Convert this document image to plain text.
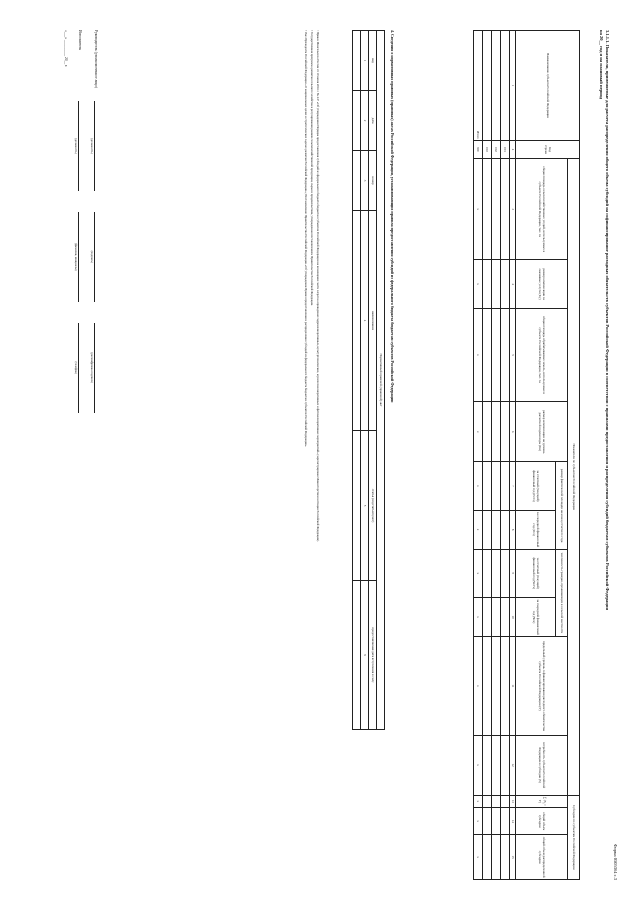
Форма 0505364 с.3
3.1.1.1. Показатели, применяемые для расчета распределения общего объема субсидий на софинансирование расходных обязательств субъектов Российской Федерации в соответствии с правилами предоставления и распределения субсидий бюджетам субъектов Российской Федерации
на 20__ год и на плановый период
Наименование субъекта Российской Федерации	Код строки	Показатели по субъектам Российской Федерации										Субсидии по субъектам Российской Федерации		
		общая площадь сельскохозяйственных угодий, используемых в субъекте Российской Федерации, тыс. га	размер компенсации за оказанные услуги (Kу)	общая площадь обрабатываемых земель, используемых в субъекте Российской Федерации, тыс. га	размер компенсации на уровень расчетной подачи воды (Kв)	размер фактической площади на конец отчетного года		численность граждан, проживающих в сельской местности		предельный уровень софинансирования расходного обязательства субъекта Российской Федерации (У)	потребность субъекта Российской Федерации в субсидии (S)	∑ $(S_i \times У)$	общий объем субсидии	общий объем распределенной субсидии
						за отчетный (текущий) финансовый год (Pотч)	за очередной финансовый год (Pоч)	за отчетный (текущий) финансовый год (Чотч)	за очередной финансовый год (Чоч)					
1	2	3	4	5	6	7	8	9	10	11	12	13	14	15
	001													
	002													
	003													
Итого	900	x	x	x	x	x	x	x	x	x	x	x	x	x
4. Сведения о нормативных правовых (правовых) актах Российской Федерации, устанавливающих правила предоставления субсидий из федерального бюджета бюджетам субъектов Российской Федерации
Нормативный правовой (правовой) акт					
вид	дата	номер	наименование	статья (подстатья/пункт)	предоставляемая дата вступления в силу
1	2	3	4	5	6

¹ Приказ Минсельхоза России от 10 июня 2016 г. № 247 «Об утверждении Порядка предоставления субсидий из федерального бюджета бюджетам субъектов Российской Федерации на возмещение части затрат на проведение гидромелиоративных, культуртехнических, агролесомелиоративных и фитомелиоративных мероприятий» (зарегистрирован Министерством юстиции Российской Федерации).

² Государственная программа развития сельского хозяйства и регулирования рынков сельскохозяйственной продукции, сырья и продовольствия, утвержденная постановлением Правительства Российской Федерации.

³ Указ Президента Российской Федерации «О национальных целях и стратегических задачах развития Российской Федерации»; Постановление Правительства Российской Федерации «Об утверждении Правил предоставления и распределения субсидий из федерального бюджета бюджетам субъектов Российской Федерации».

Руководитель (уполномоченное лицо)
(должность) (подпись) (расшифровка подписи)
Исполнитель
(должность) (фамилия, инициалы) (телефон)
«___» _________ 20__ г.
